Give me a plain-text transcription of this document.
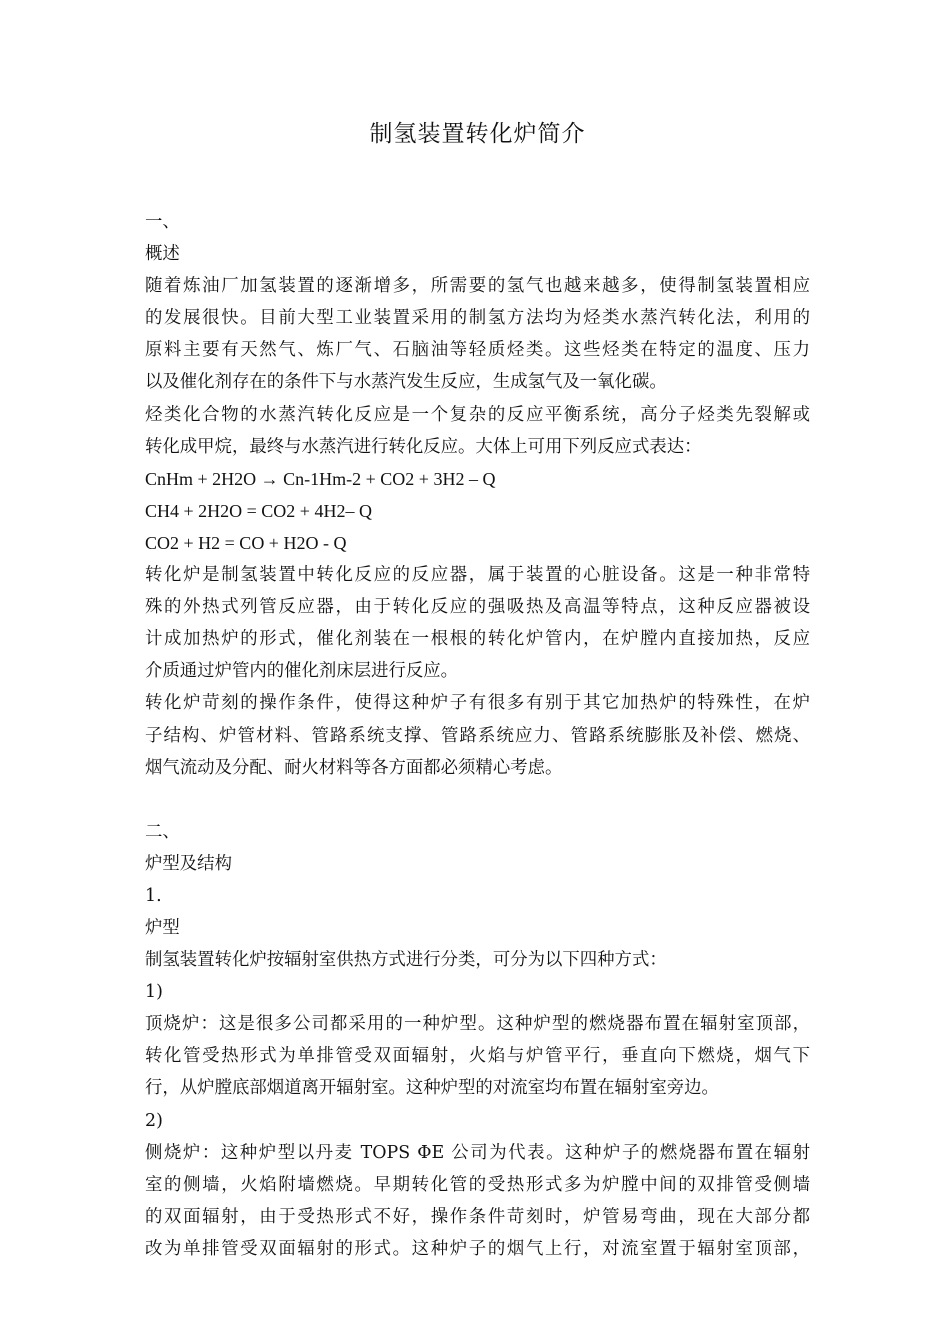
制氢装置转化炉简介

一、

概述

随着炼油厂加氢装置的逐渐增多，所需要的氢气也越来越多，使得制氢装置相应

的发展很快。目前大型工业装置采用的制氢方法均为烃类水蒸汽转化法，利用的

原料主要有天然气、炼厂气、石脑油等轻质烃类。这些烃类在特定的温度、压力

以及催化剂存在的条件下与水蒸汽发生反应，生成氢气及一氧化碳。

烃类化合物的水蒸汽转化反应是一个复杂的反应平衡系统，高分子烃类先裂解或

转化成甲烷，最终与水蒸汽进行转化反应。大体上可用下列反应式表达：

CnHm + 2H2O → Cn-1Hm-2 + CO2 + 3H2 – Q

CH4 + 2H2O = CO2 + 4H2– Q

CO2 + H2 = CO + H2O - Q

转化炉是制氢装置中转化反应的反应器，属于装置的心脏设备。这是一种非常特

殊的外热式列管反应器，由于转化反应的强吸热及高温等特点，这种反应器被设

计成加热炉的形式，催化剂装在一根根的转化炉管内，在炉膛内直接加热，反应

介质通过炉管内的催化剂床层进行反应。

转化炉苛刻的操作条件，使得这种炉子有很多有别于其它加热炉的特殊性，在炉

子结构、炉管材料、管路系统支撑、管路系统应力、管路系统膨胀及补偿、燃烧、

烟气流动及分配、耐火材料等各方面都必须精心考虑。

二、

炉型及结构

1.

炉型

制氢装置转化炉按辐射室供热方式进行分类，可分为以下四种方式：

1)

顶烧炉：这是很多公司都采用的一种炉型。这种炉型的燃烧器布置在辐射室顶部，

转化管受热形式为单排管受双面辐射，火焰与炉管平行，垂直向下燃烧，烟气下

行，从炉膛底部烟道离开辐射室。这种炉型的对流室均布置在辐射室旁边。

2)

侧烧炉：这种炉型以丹麦 TOPS ΦE 公司为代表。这种炉子的燃烧器布置在辐射

室的侧墙，火焰附墙燃烧。早期转化管的受热形式多为炉膛中间的双排管受侧墙

的双面辐射，由于受热形式不好，操作条件苛刻时，炉管易弯曲，现在大部分都

改为单排管受双面辐射的形式。这种炉子的烟气上行，对流室置于辐射室顶部，
